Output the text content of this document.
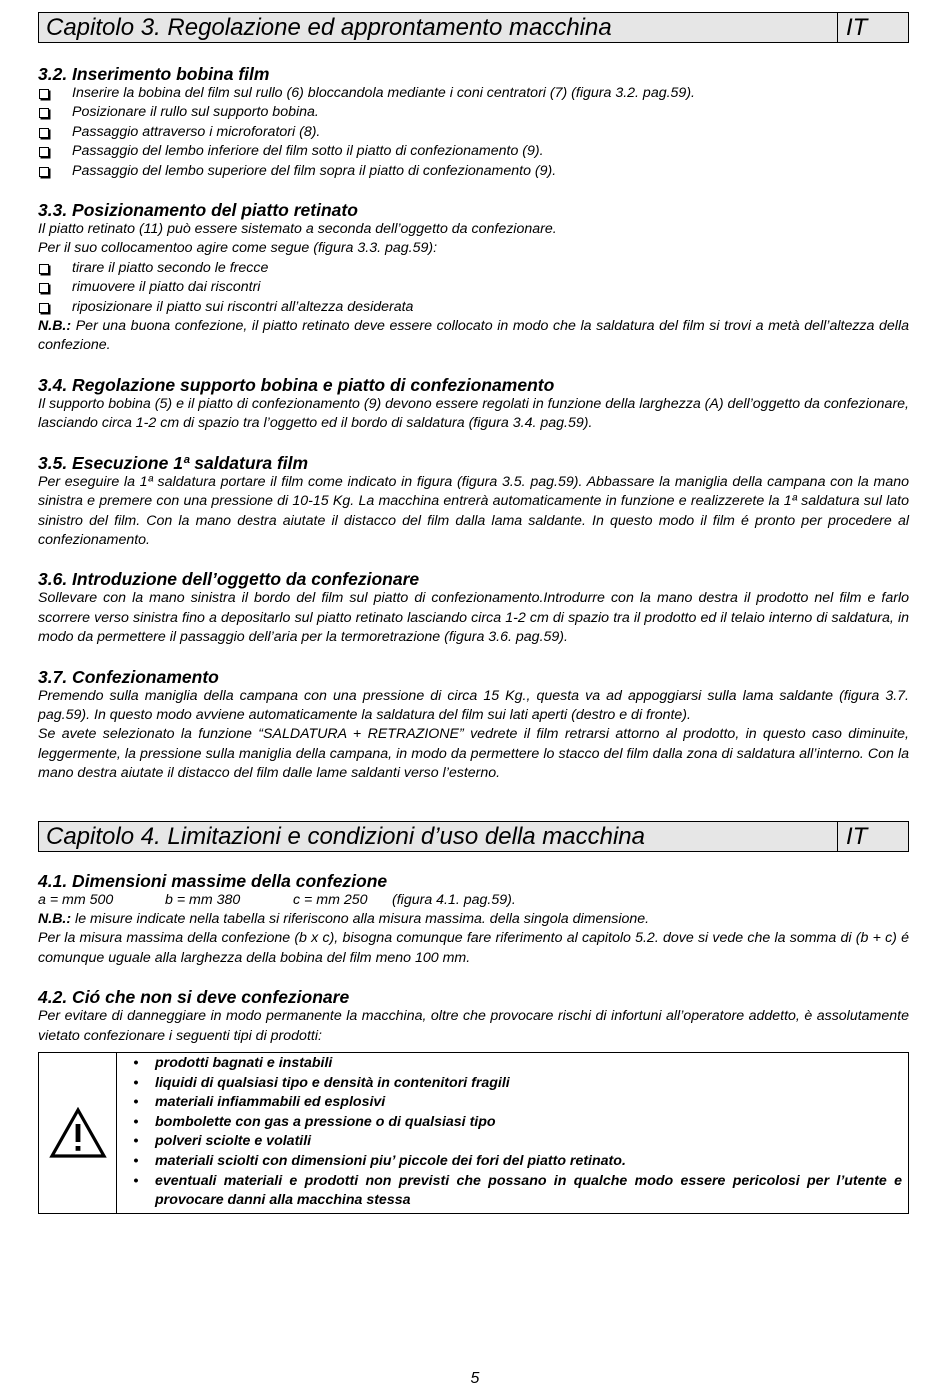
Capitolo 3. Regolazione ed approntamento macchina	IT
3.2. Inserimento bobina film
Inserire la bobina del film sul rullo (6) bloccandola mediante i coni centratori (7) (figura 3.2. pag.59).
Posizionare il rullo sul supporto bobina.
Passaggio attraverso i microforatori (8).
Passaggio del lembo inferiore del film sotto il piatto di confezionamento (9).
Passaggio del lembo superiore del film sopra il piatto di confezionamento (9).
3.3. Posizionamento del piatto retinato

Il piatto retinato (11) può essere sistemato a seconda dell’oggetto da confezionare.

Per il suo collocamentoo agire come segue (figura 3.3. pag.59):

tirare il piatto secondo le frecce
rimuovere il piatto dai riscontri
riposizionare il piatto sui riscontri all’altezza desiderata

N.B.: Per una buona confezione, il piatto retinato deve essere collocato in modo che la saldatura del film si trovi a metà dell’altezza della confezione.

3.4. Regolazione supporto bobina e piatto di confezionamento

Il supporto bobina (5) e il piatto di confezionamento (9) devono essere regolati in funzione della larghezza (A) dell’oggetto da confezionare, lasciando circa 1-2 cm di spazio tra l’oggetto ed il bordo di saldatura (figura 3.4. pag.59).

3.5. Esecuzione 1ª saldatura film

Per eseguire la 1ª saldatura portare il film come indicato in figura (figura 3.5. pag.59). Abbassare la maniglia della campana con la mano sinistra e premere con una pressione di 10-15 Kg. La macchina entrerà automaticamente in funzione e realizzerete la 1ª saldatura sul lato sinistro del film. Con la mano destra aiutate il distacco del film dalla lama saldante. In questo modo il film é pronto per procedere al confezionamento.

3.6. Introduzione dell’oggetto da confezionare

Sollevare con la mano sinistra il bordo del film sul piatto di confezionamento.Introdurre con la mano destra il prodotto nel film e farlo scorrere verso sinistra fino a depositarlo sul piatto retinato lasciando circa 1-2 cm di spazio tra il prodotto ed il telaio interno di saldatura, in modo da permettere il passaggio dell’aria per la termoretrazione (figura 3.6. pag.59).

3.7. Confezionamento

Premendo sulla maniglia della campana con una pressione di circa 15 Kg., questa va ad appoggiarsi sulla lama saldante (figura 3.7. pag.59). In questo modo avviene automaticamente la saldatura del film sui lati aperti (destro e di fronte).

Se avete selezionato la funzione “SALDATURA + RETRAZIONE” vedrete il film retrarsi attorno al prodotto, in questo caso diminuite, leggermente, la pressione sulla maniglia della campana, in modo da permettere lo stacco del film dalla zona di saldatura all’interno. Con la mano destra aiutate il distacco del film dalle lame saldanti verso l’esterno.

Capitolo 4. Limitazioni e condizioni d’uso della macchina	IT
4.1. Dimensioni massime della confezione

a = mm 500	b = mm 380	c = mm 250 (figura 4.1. pag.59).

N.B.: le misure indicate nella tabella si riferiscono alla misura massima. della singola dimensione.

Per la misura massima della confezione (b x c), bisogna comunque fare riferimento al capitolo 5.2. dove si vede che la somma di (b + c) é comunque uguale alla larghezza della bobina del film meno 100 mm.

4.2. Ció che non si deve confezionare

Per evitare di danneggiare in modo permanente la macchina, oltre che provocare rischi di infortuni all’operatore addetto, è assolutamente vietato confezionare i seguenti tipi di prodotti:

•	prodotti bagnati e instabili
•	liquidi di qualsiasi tipo e densità in contenitori fragili
•	materiali infiammabili ed esplosivi
•	bombolette con gas a pressione o di qualsiasi tipo
•	polveri sciolte e volatili
•	materiali sciolti con dimensioni piu’ piccole dei fori del piatto retinato.
•	eventuali materiali e prodotti non previsti che possano in qualche modo essere pericolosi per l’utente e provocare danni alla macchina stessa
5
